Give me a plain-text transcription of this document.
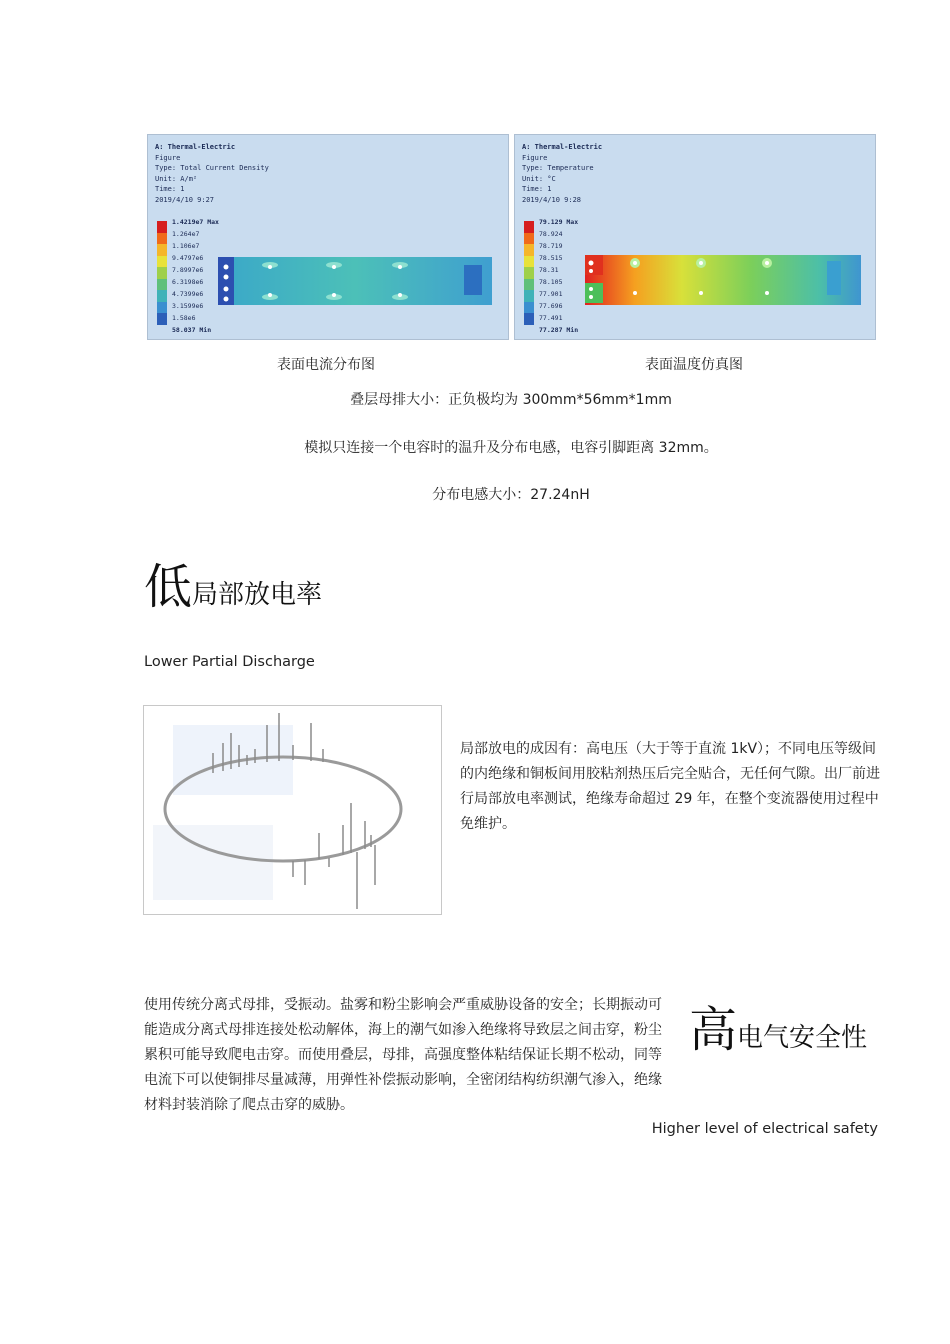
A: Thermal-Electric
Figure
Type: Total Current Density
Unit: A/m²
Time: 1
2019/4/10 9:27
1.4219e7 Max
1.264e7
1.106e7
9.4797e6
7.8997e6
6.3198e6
4.7399e6
3.1599e6
1.58e6
58.037 Min
A: Thermal-Electric
Figure
Type: Temperature
Unit: °C
Time: 1
2019/4/10 9:28
79.129 Max
78.924
78.719
78.515
78.31
78.105
77.901
77.696
77.491
77.287 Min
表面电流分布图	表面温度仿真图
叠层母排大小：正负极均为 300mm*56mm*1mm
模拟只连接一个电容时的温升及分布电感，电容引脚距离 32mm。
分布电感大小：27.24nH
低局部放电率
Lower Partial Discharge
局部放电的成因有：高电压（大于等于直流 1kV）；不同电压等级间的内绝缘和铜板间用胶粘剂热压后完全贴合，无任何气隙。出厂前进行局部放电率测试，绝缘寿命超过 29 年，在整个变流器使用过程中免维护。
使用传统分离式母排，受振动。盐雾和粉尘影响会严重威胁设备的安全；长期振动可能造成分离式母排连接处松动解体，海上的潮气如渗入绝缘将导致层之间击穿，粉尘累积可能导致爬电击穿。而使用叠层，母排，高强度整体粘结保证长期不松动，同等电流下可以使铜排尽量减薄，用弹性补偿振动影响，全密闭结构纺织潮气渗入，绝缘材料封装消除了爬点击穿的威胁。
高电气安全性
Higher level of electrical safety
